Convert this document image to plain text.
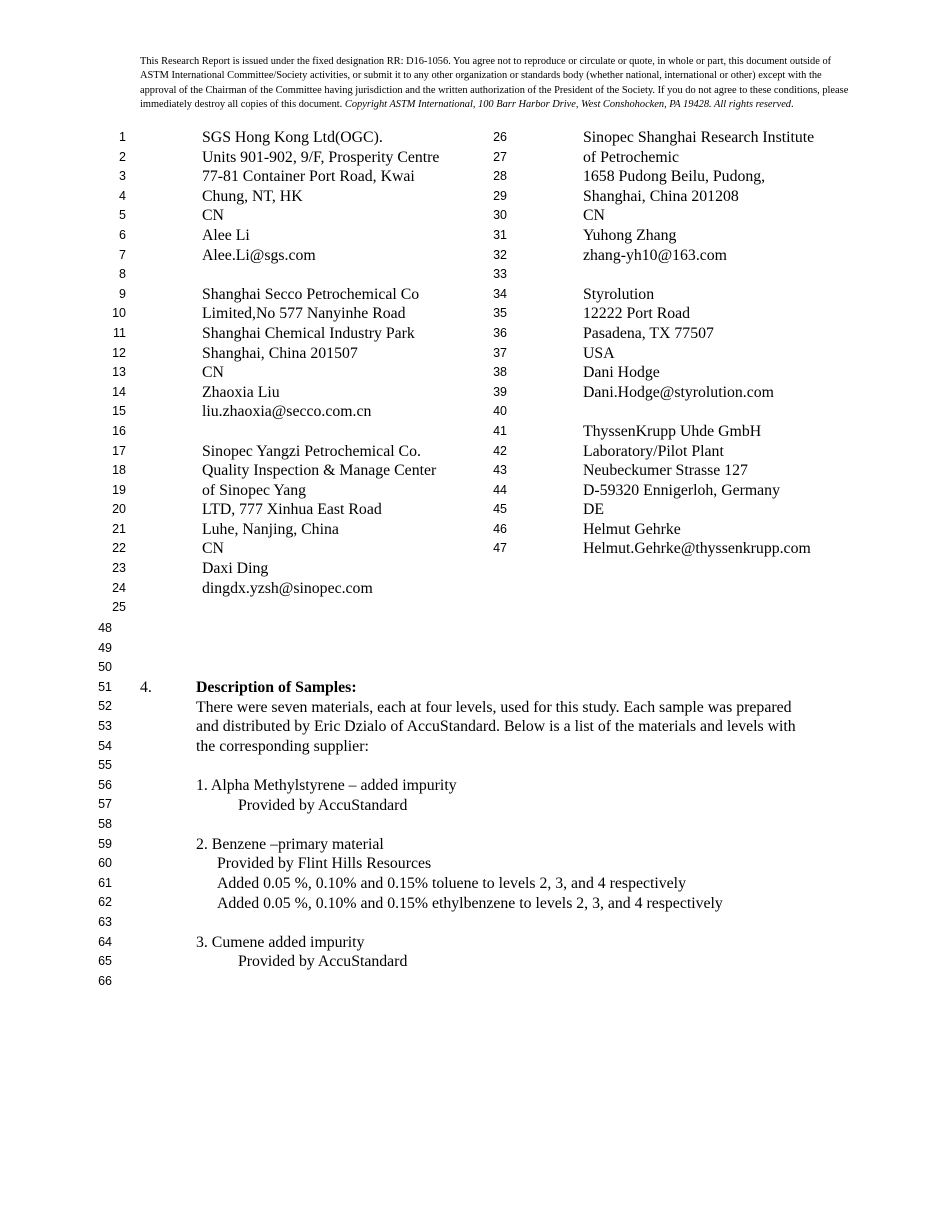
This Research Report is issued under the fixed designation RR: D16-1056. You agree not to reproduce or circulate or quote, in whole or part, this document outside of ASTM International Committee/Society activities, or submit it to any other organization or standards body (whether national, international or other) except with the approval of the Chairman of the Committee having jurisdiction and the written authorization of the President of the Society. If you do not agree to these conditions, please immediately destroy all copies of this document. Copyright ASTM International, 100 Barr Harbor Drive, West Conshohocken, PA 19428. All rights reserved.
1
2
3
4
5
6
7
8
9
10
11
12
13
14
15
16
17
18
19
20
21
22
23
24
25
SGS Hong Kong Ltd(OGC).
Units 901-902, 9/F, Prosperity Centre
77-81 Container Port Road, Kwai
Chung, NT, HK
CN
Alee Li
Alee.Li@sgs.com
Shanghai Secco Petrochemical Co
Limited,No 577 Nanyinhe Road
Shanghai Chemical Industry Park
Shanghai, China 201507
CN
Zhaoxia Liu
liu.zhaoxia@secco.com.cn
Sinopec Yangzi Petrochemical Co.
Quality Inspection & Manage Center
of Sinopec Yang
LTD, 777 Xinhua East Road
Luhe, Nanjing, China
CN
Daxi Ding
dingdx.yzsh@sinopec.com
26
27
28
29
30
31
32
33
34
35
36
37
38
39
40
41
42
43
44
45
46
47
Sinopec Shanghai Research Institute
of Petrochemic
1658 Pudong Beilu, Pudong,
Shanghai, China 201208
CN
Yuhong Zhang
zhang-yh10@163.com
Styrolution
12222 Port Road
Pasadena, TX 77507
USA
Dani Hodge
Dani.Hodge@styrolution.com
ThyssenKrupp Uhde GmbH
Laboratory/Pilot Plant
Neubeckumer Strasse 127
D-59320 Ennigerloh, Germany
DE
Helmut Gehrke
Helmut.Gehrke@thyssenkrupp.com
48
49
50
51
52
53
54
55
56
57
58
59
60
61
62
63
64
65
66
4.	Description of Samples:
There were seven materials, each at four levels, used for this study. Each sample was prepared
and distributed by Eric Dzialo of AccuStandard. Below is a list of the materials and levels with
the corresponding supplier:
1. Alpha Methylstyrene – added impurity
Provided by AccuStandard
2. Benzene –primary material
Provided by Flint Hills Resources
Added 0.05 %, 0.10% and 0.15% toluene to levels 2, 3, and 4 respectively
Added 0.05 %, 0.10% and 0.15% ethylbenzene to levels 2, 3, and 4 respectively
3. Cumene added impurity
Provided by AccuStandard
